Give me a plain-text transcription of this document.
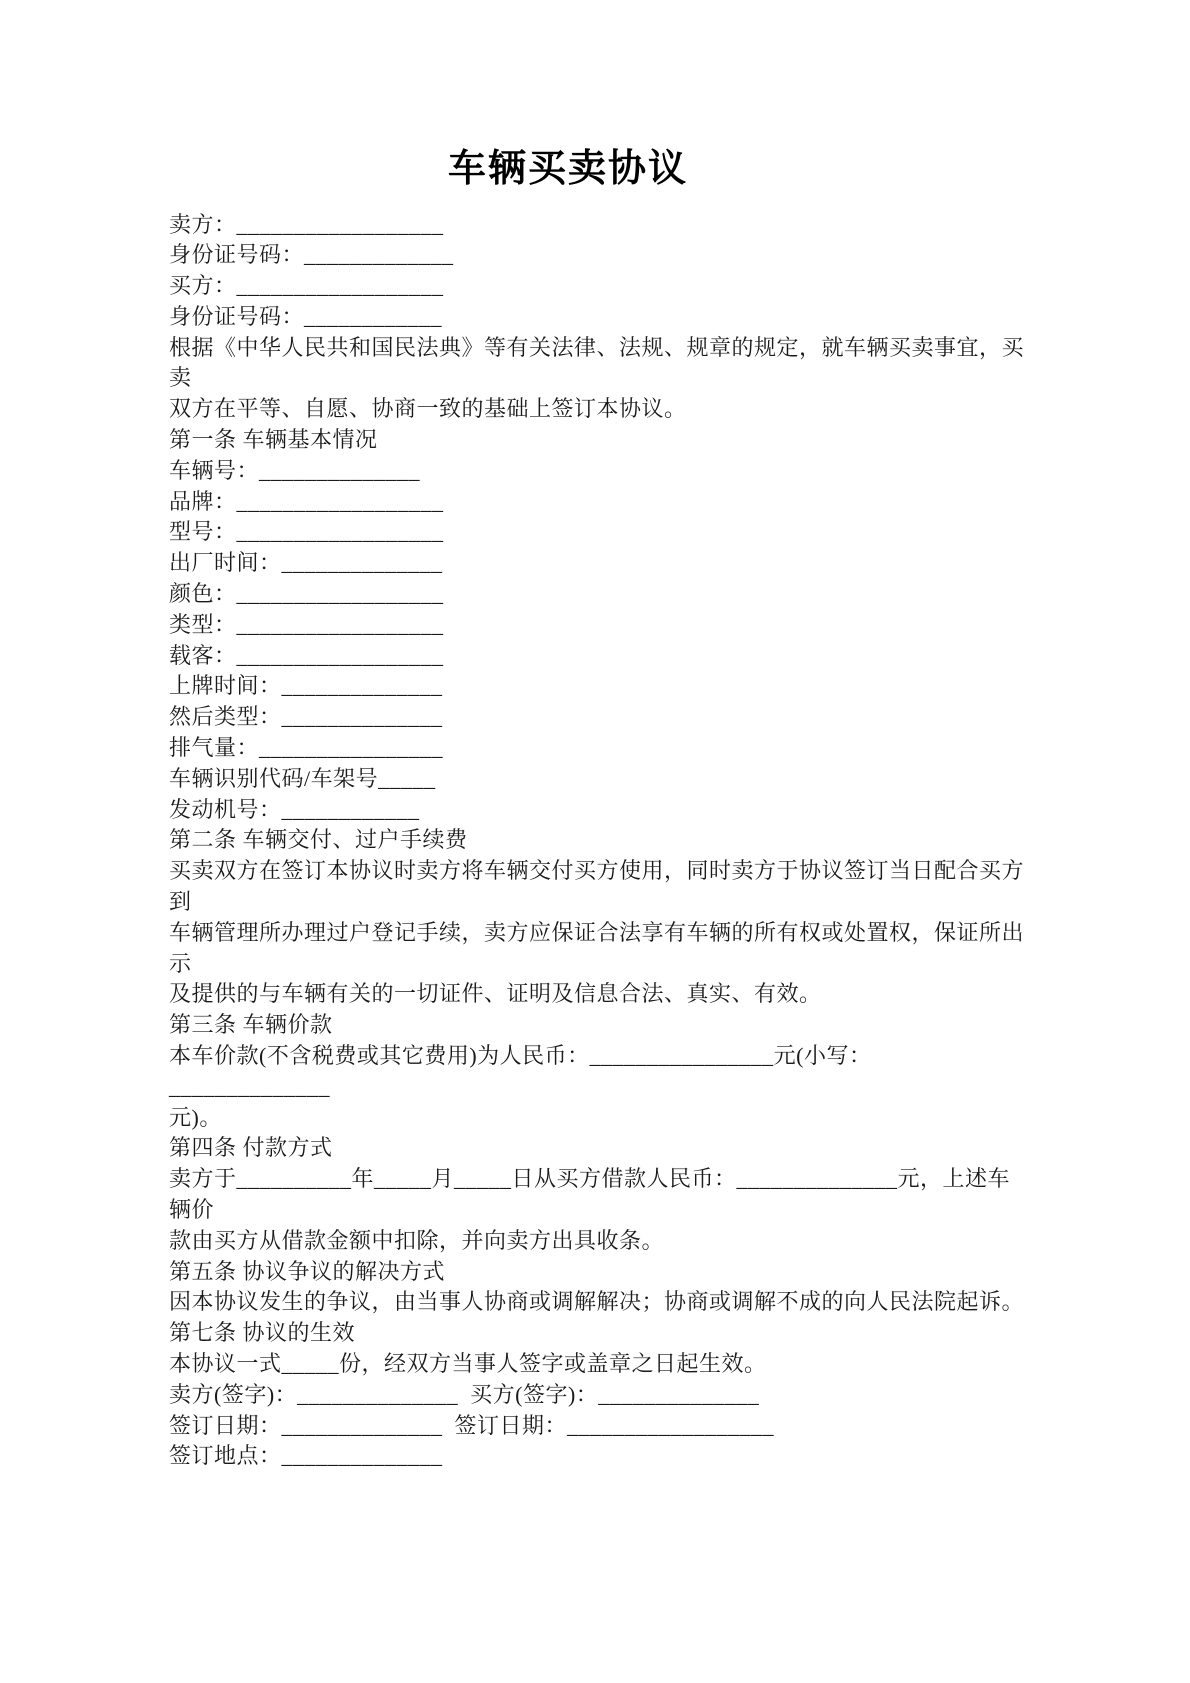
车辆买卖协议
卖方：__________________
身份证号码：_____________
买方：__________________
身份证号码：____________
根据《中华人民共和国民法典》等有关法律、法规、规章的规定，就车辆买卖事宜，买卖
双方在平等、自愿、协商一致的基础上签订本协议。
第一条 车辆基本情况
车辆号：______________
品牌：__________________
型号：__________________
出厂时间：______________
颜色：__________________
类型：__________________
载客：__________________
上牌时间：______________
然后类型：______________
排气量：________________
车辆识别代码/车架号_____
发动机号：____________
第二条 车辆交付、过户手续费
买卖双方在签订本协议时卖方将车辆交付买方使用，同时卖方于协议签订当日配合买方到
车辆管理所办理过户登记手续，卖方应保证合法享有车辆的所有权或处置权，保证所出示
及提供的与车辆有关的一切证件、证明及信息合法、真实、有效。
第三条 车辆价款
本车价款(不含税费或其它费用)为人民币：________________元(小写：______________
元)。
第四条 付款方式
卖方于__________年_____月_____日从买方借款人民币：______________元，上述车辆价
款由买方从借款金额中扣除，并向卖方出具收条。
第五条 协议争议的解决方式
因本协议发生的争议，由当事人协商或调解解决；协商或调解不成的向人民法院起诉。
第七条 协议的生效
本协议一式_____份，经双方当事人签字或盖章之日起生效。
卖方(签字)：______________  买方(签字)：______________
签订日期：______________  签订日期：__________________
签订地点：______________
